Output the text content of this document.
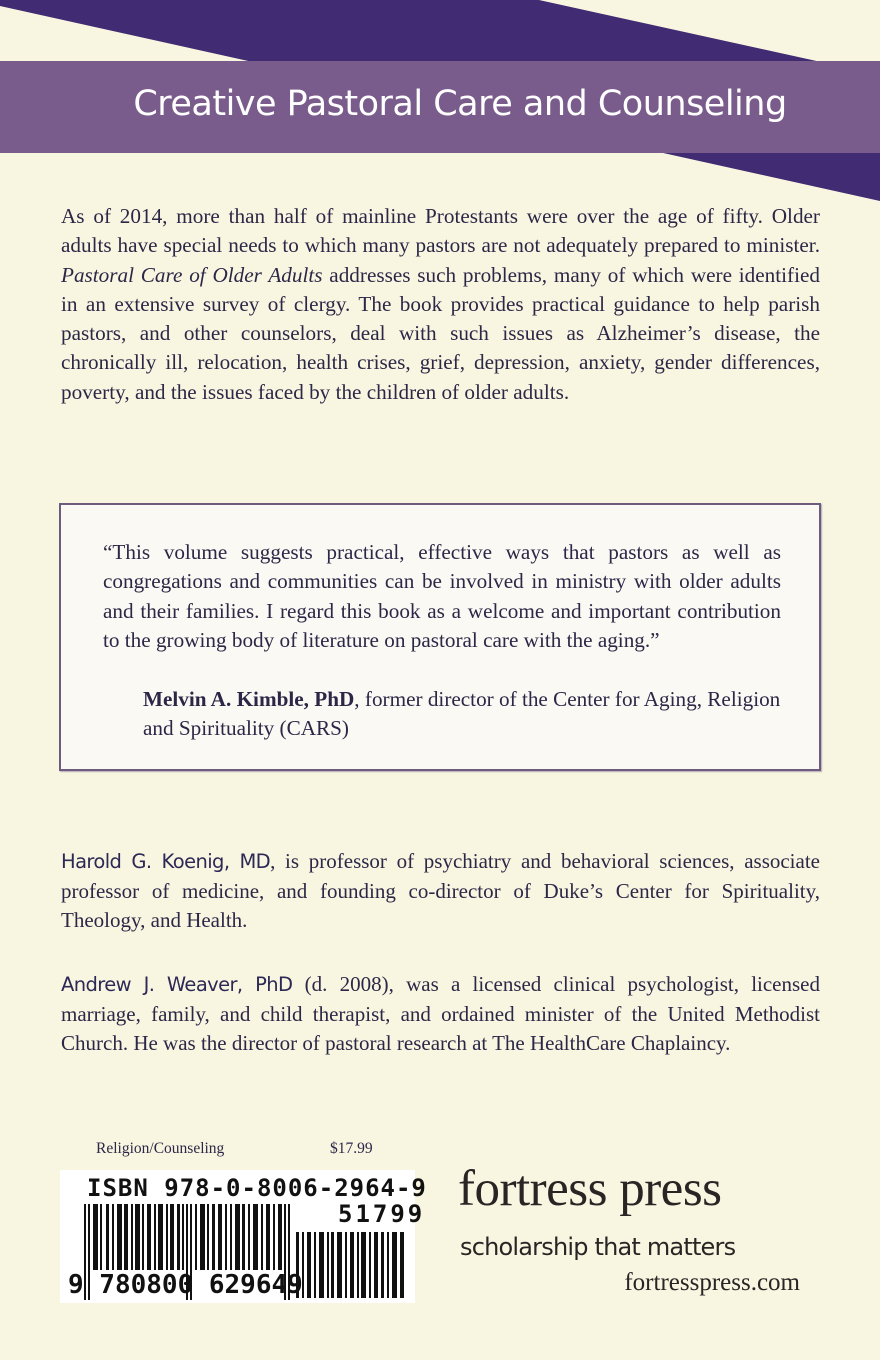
Creative Pastoral Care and Counseling
As of 2014, more than half of mainline Protestants were over the age of fifty. Older adults have special needs to which many pastors are not adequately prepared to minister. Pastoral Care of Older Adults addresses such problems, many of which were identified in an extensive survey of clergy. The book provides practical guidance to help parish pastors, and other counselors, deal with such issues as Alzheimer’s disease, the chronically ill, relocation, health crises, grief, depression, anxiety, gender differences, poverty, and the issues faced by the children of older adults.
“This volume suggests practical, effective ways that pastors as well as congregations and communities can be involved in ministry with older adults and their families. I regard this book as a welcome and important contribution to the growing body of literature on pastoral care with the aging.”
Melvin A. Kimble, PhD, former director of the Center for Aging, Religion and Spirituality (CARS)
Harold G. Koenig, MD, is professor of psychiatry and behavioral sciences, associate professor of medicine, and founding co-director of Duke’s Center for Spirituality, Theology, and Health.
Andrew J. Weaver, PhD (d. 2008), was a licensed clinical psychologist, licensed marriage, family, and child therapist, and ordained minister of the United Methodist Church. He was the director of pastoral research at The HealthCare Chaplaincy.
Religion/Counseling	$17.99
ISBN 978-0-8006-2964-9
51799
9 780800 629649
fortress press
scholarship that matters
fortresspress.com
